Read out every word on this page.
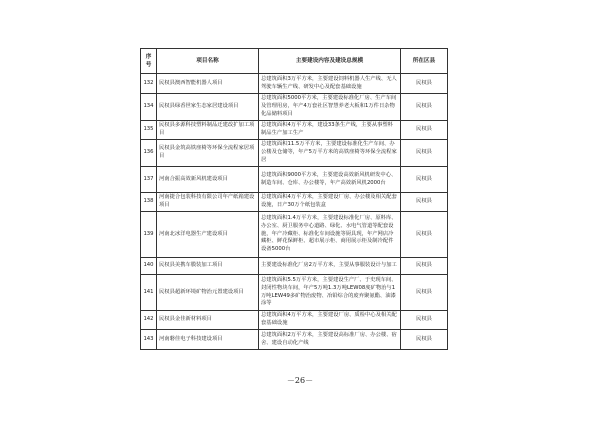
序号	项目名称	主要建设内容及建设总规模	所在区县
132	民权县澳西智能机器人项目	总建筑面积3万平方米，主要建设饲料机器人生产线、无人驾驶车辆生产线、研发中心及配套基础设施	民权县
134	民权县绿香世家生态家居建设项目	总建筑面积5000平方米，主要建设标准化厂房、生产车间及管理用房，年产4万套社区智慧养老大板和1万件日杂物化品储料项目	民权县
135	民权县多源科技塑料制品迁建改扩加工项目	总建筑面积4万平方米，建设33条生产线，主要从事塑料制品生产加工生产	民权县
136	民权县金筑高铁座椅等环保全流程家居项目	总建筑面积11.5万平方米，主要建设标准化生产车间、办公楼及仓储等，年产5万平方米的高铁座椅等环保全流程家居	民权县
137	河南合振高效新风机建设项目	总建筑面积9000平方米，主要建设高效新风机研发中心、制造车间、仓库、办公楼等，年产高效新风机2000台	民权县
138	河南捷合包装科技有限公司年产纸箱建设项目	总建筑面积4万平方米，主要建设厂房、办公楼及相关配套设施，日产30万个纸包装盒	民权县
139	河南北冰洋电器生产建设项目	总建筑面积1.4万平方米，主要建设标准化厂房、原料库、办公室、厨卫服务中心道路、绿化、水电气管道等配套设施，年产冷藏柜、标准化车间设施等厨具现，年产网店冷藏柜、鲜花保鲜柜、超市展示柜、商用展示柜及制冷配件设备5000台	民权县
140	民权县美携车膜装加工项目	主要建设标准化厂房2万平方米，主要从事服装设计与加工	民权县
141	民权县超新环境矿物治元置建设项目	总建筑面积5.5万平方米，主要建设生产厂、于史现车间、封闭性物块车间，年产5万吨1.3万吨LEW08度矿物治与1万吨LEW49多矿物治废物、冶铅综合的废弃聚氨酯、油漆涂等	民权县
142	民权县金佳新材料项目	总建筑面积4万平方米，主要建设厂房、质检中心及相关配套基础设施	民权县
143	河南磐佳电子科技建设项目	总建筑面积2万平方米，主要建设高标准厂房、办公楼、宿舍、建设自动化产线	民权县
－26－
